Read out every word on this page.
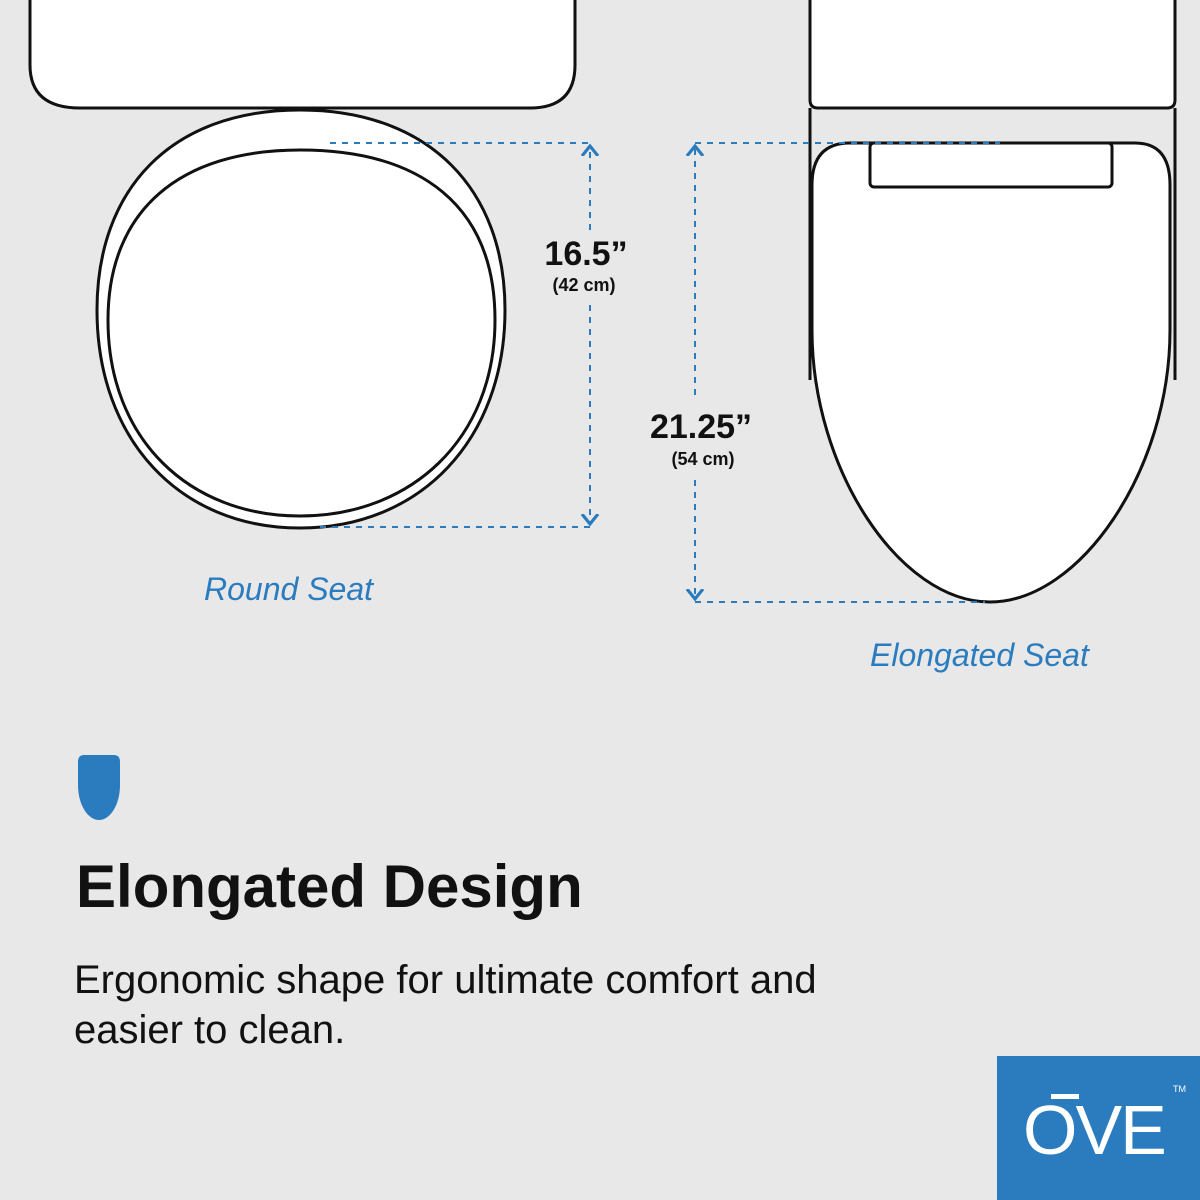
16.5”
(42 cm)
21.25”
(54 cm)
Round Seat
Elongated Seat
Elongated Design

Ergonomic shape for ultimate comfort and easier to clean.

OVE
TM
